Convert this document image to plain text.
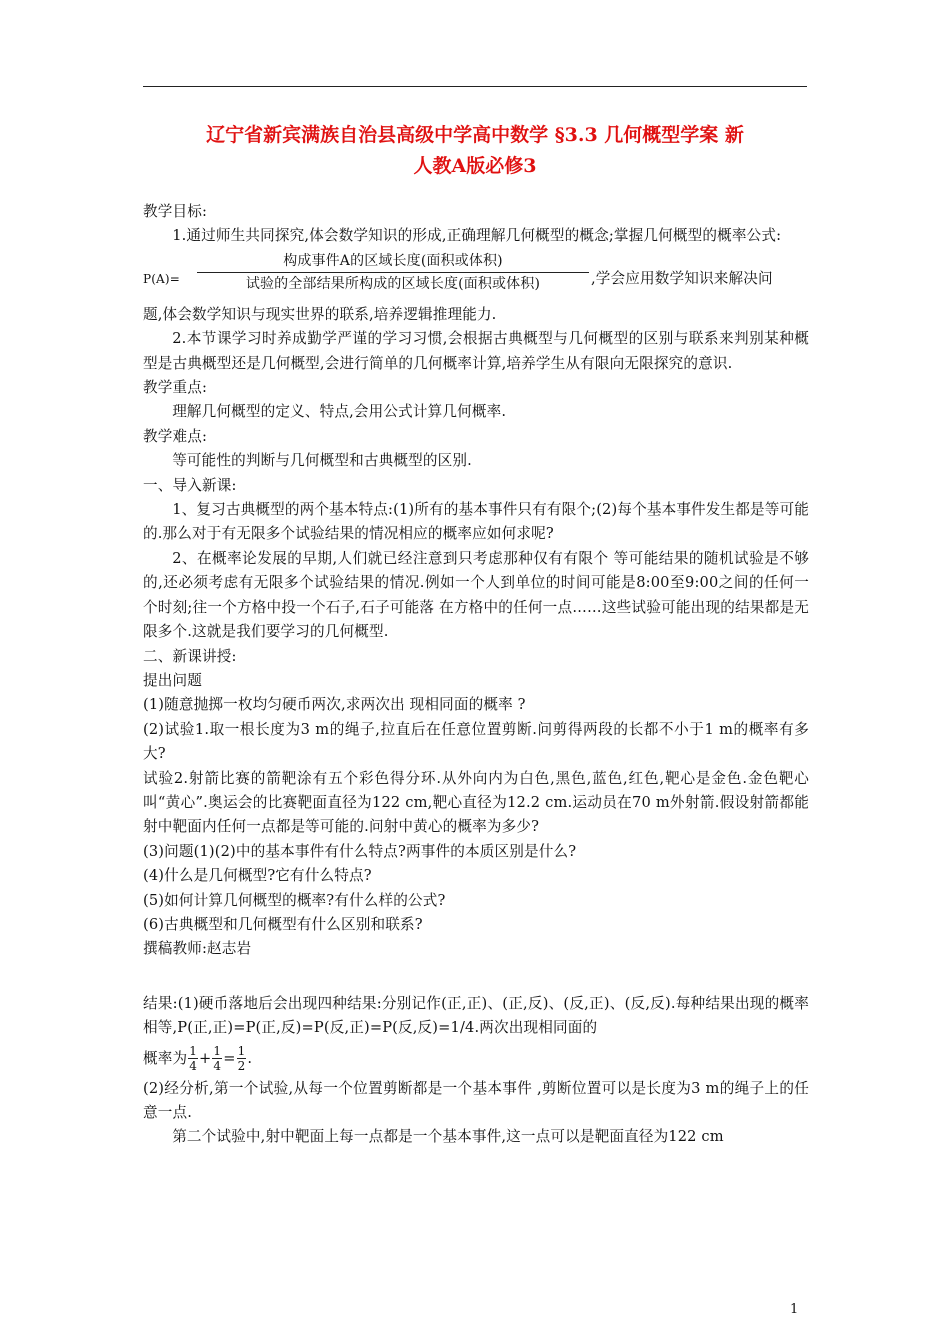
辽宁省新宾满族自治县高级中学高中数学 §3.3 几何概型学案 新
人教A版必修3

教学目标:

1.通过师生共同探究,体会数学知识的形成,正确理解几何概型的概念;掌握几何概型的概率公式:

P(A)=
构成事件A的区域长度(面积或体积)
试验的全部结果所构成的区域长度(面积或体积)	,学会应用数学知识来解决问

题,体会数学知识与现实世界的联系,培养逻辑推理能力.

2.本节课学习时养成勤学严谨的学习习惯,会根据古典概型与几何概型的区别与联系来判别某种概型是古典概型还是几何概型,会进行简单的几何概率计算,培养学生从有限向无限探究的意识.

教学重点:

理解几何概型的定义、特点,会用公式计算几何概率.

教学难点:

等可能性的判断与几何概型和古典概型的区别.

一、导入新课:

1、复习古典概型的两个基本特点:(1)所有的基本事件只有有限个;(2)每个基本事件发生都是等可能的.那么对于有无限多个试验结果的情况相应的概率应如何求呢?

2、在概率论发展的早期,人们就已经注意到只考虑那种仅有有限个 等可能结果的随机试验是不够的,还必须考虑有无限多个试验结果的情况.例如一个人到单位的时间可能是8:00至9:00之间的任何一个时刻;往一个方格中投一个石子,石子可能落 在方格中的任何一点……这些试验可能出现的结果都是无限多个.这就是我们要学习的几何概型.

二、新课讲授:

提出问题

(1)随意抛掷一枚均匀硬币两次,求两次出 现相同面的概率 ?

(2)试验1.取一根长度为3 m的绳子,拉直后在任意位置剪断.问剪得两段的长都不小于1 m的概率有多大?

试验2.射箭比赛的箭靶涂有五个彩色得分环.从外向内为白色,黑色,蓝色,红色,靶心是金色.金色靶心叫“黄心”.奥运会的比赛靶面直径为122 cm,靶心直径为12.2 cm.运动员在70 m外射箭.假设射箭都能射中靶面内任何一点都是等可能的.问射中黄心的概率为多少?

(3)问题(1)(2)中的基本事件有什么特点?两事件的本质区别是什么?

(4)什么是几何概型?它有什么特点?

(5)如何计算几何概型的概率?有什么样的公式?

(6)古典概型和几何概型有什么区别和联系?

撰稿教师:赵志岩

结果:(1)硬币落地后会出现四种结果:分别记作(正,正)、(正,反)、(反,正)、(反,反).每种结果出现的概率相等,P(正,正)=P(正,反)=P(反,正)=P(反,反)=1/4.两次出现相同面的

概率为 $\frac{1}{4} + \frac{1}{4} = \frac{1}{2}$ .

(2)经分析,第一个试验,从每一个位置剪断都是一个基本事件 ,剪断位置可以是长度为3 m的绳子上的任意一点.

第二个试验中,射中靶面上每一点都是一个基本事件,这一点可以是靶面直径为122 cm

1
